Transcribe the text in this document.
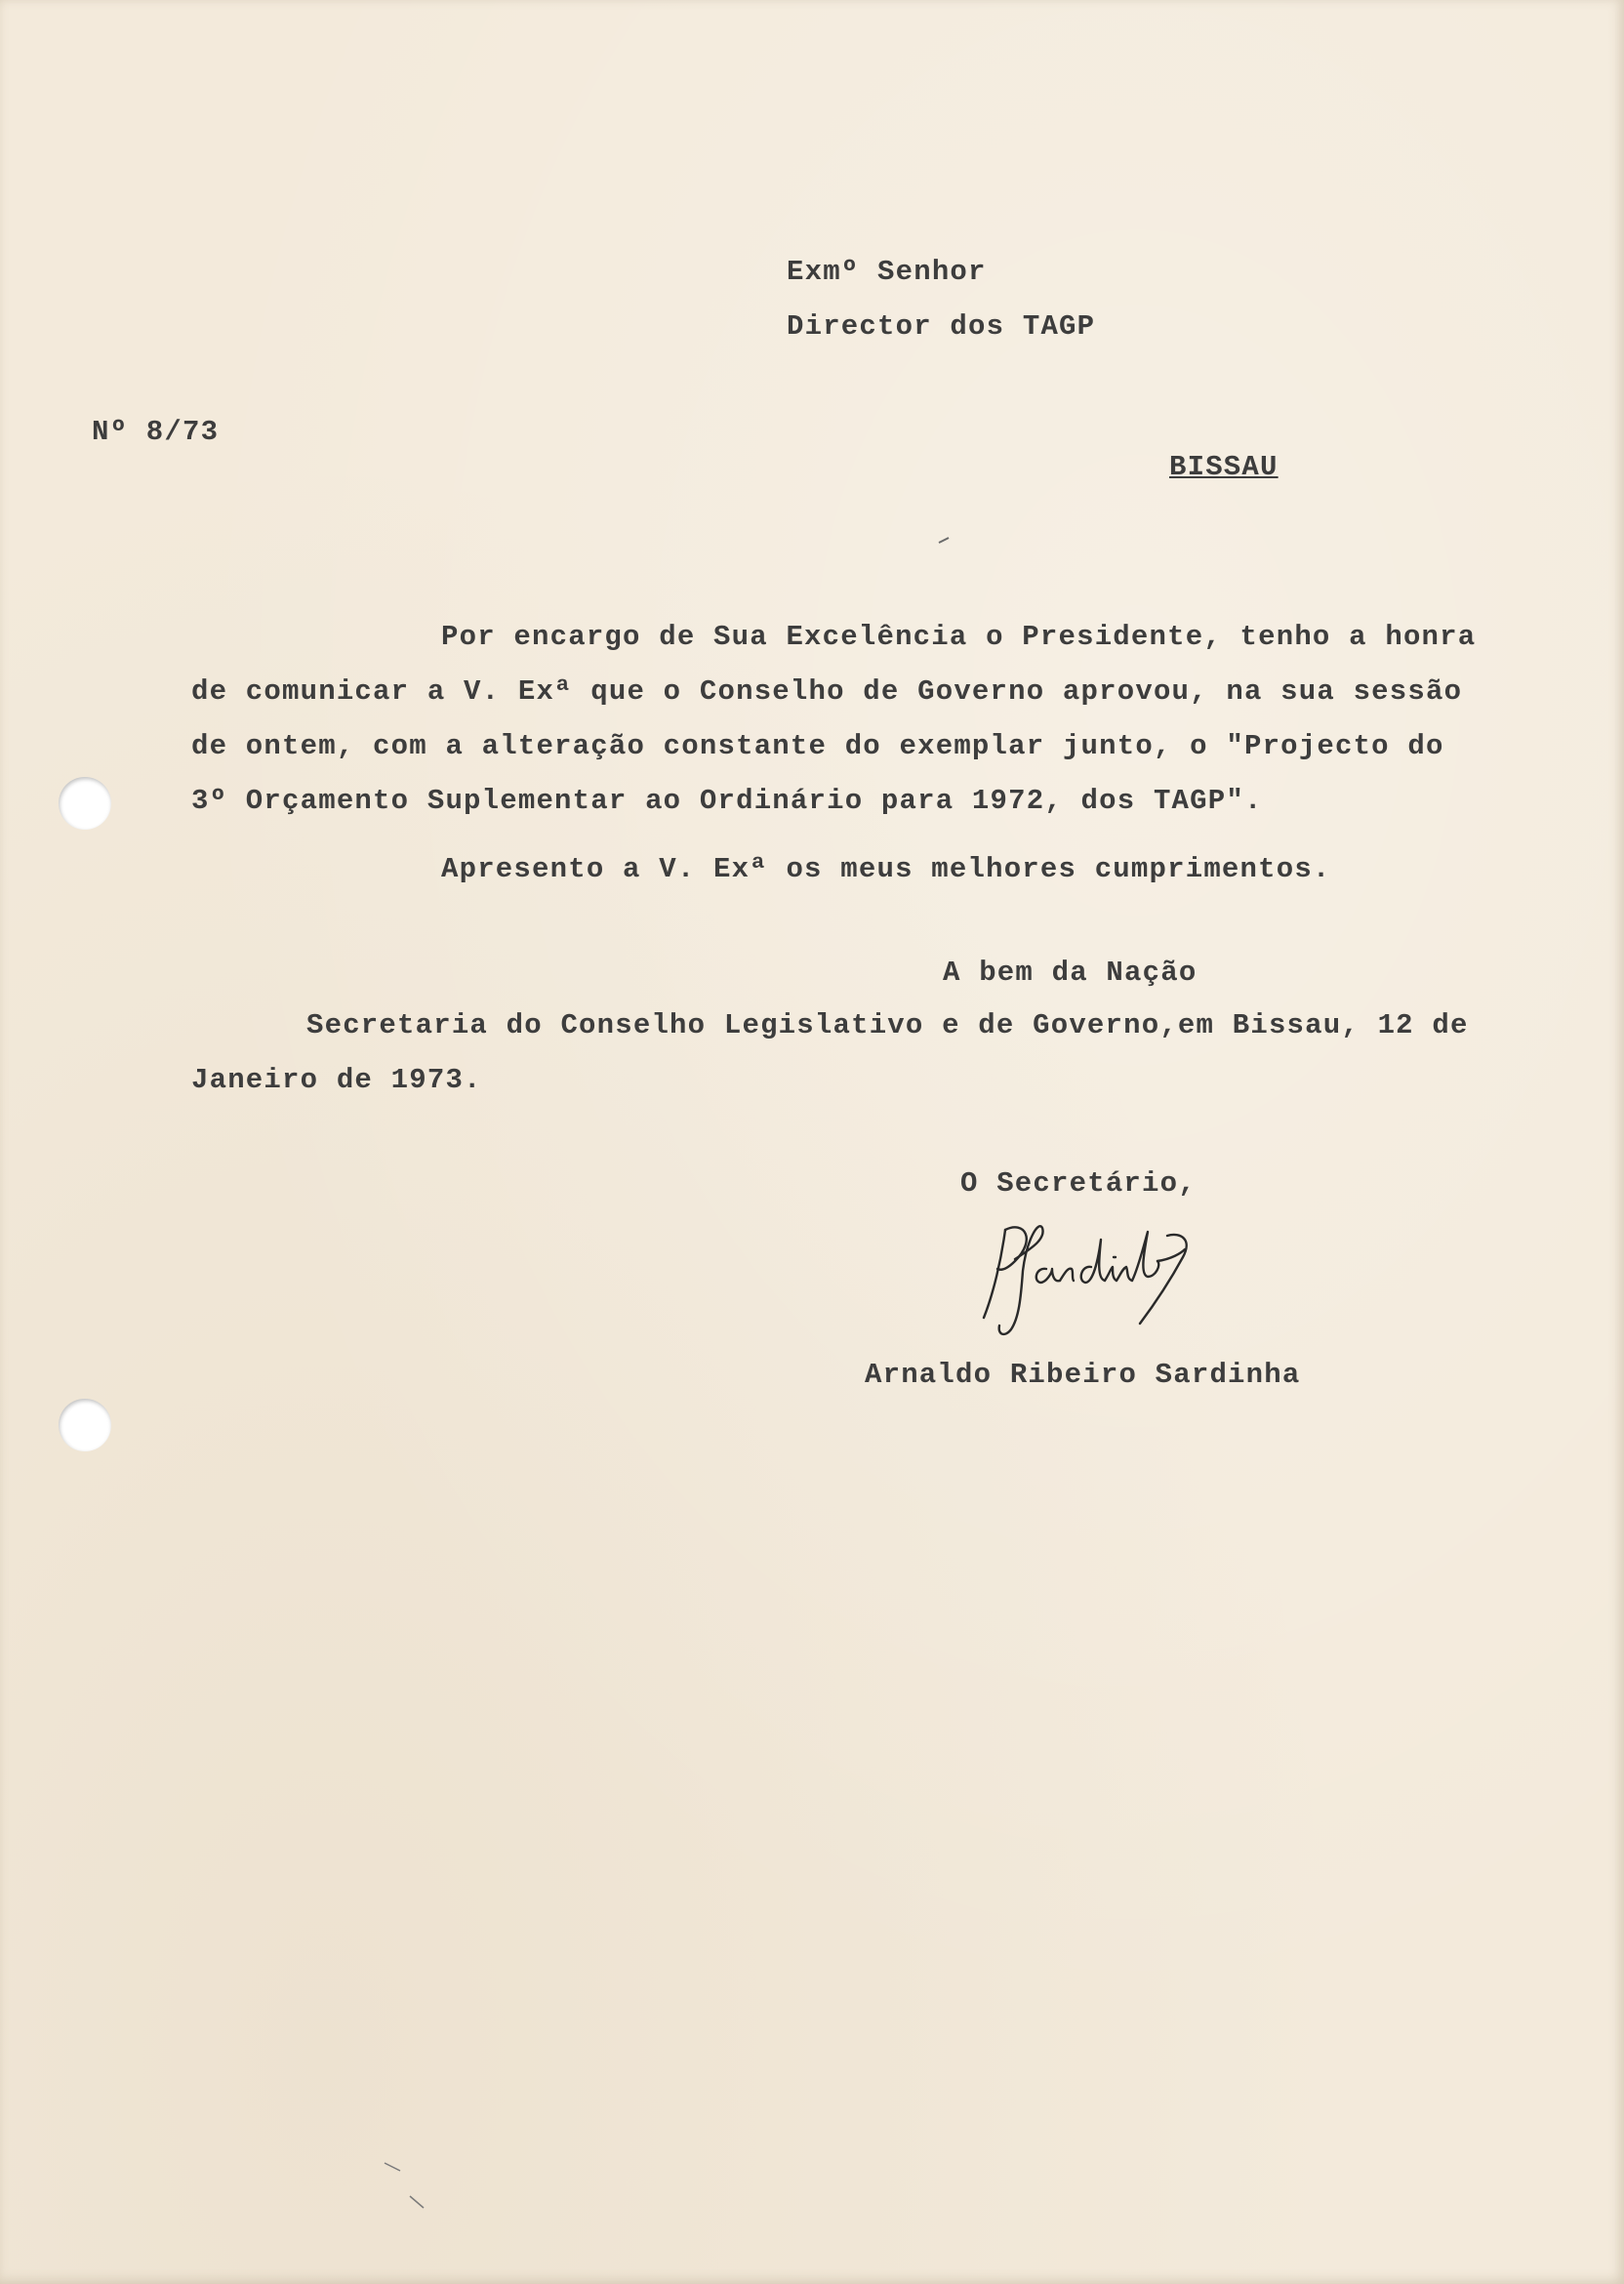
Exmº Senhor
Director dos TAGP
Nº 8/73
BISSAU
Por encargo de Sua Excelência o Presidente, tenho a honra
de comunicar a V. Exª que o Conselho de Governo aprovou, na sua sessão
de ontem, com a alteração constante do exemplar junto, o "Projecto do
3º Orçamento Suplementar ao Ordinário para 1972, dos TAGP".
Apresento a V. Exª os meus melhores cumprimentos.
A bem da Nação
Secretaria do Conselho Legislativo e de Governo,em Bissau, 12 de
Janeiro de 1973.
O Secretário,
Arnaldo Ribeiro Sardinha
